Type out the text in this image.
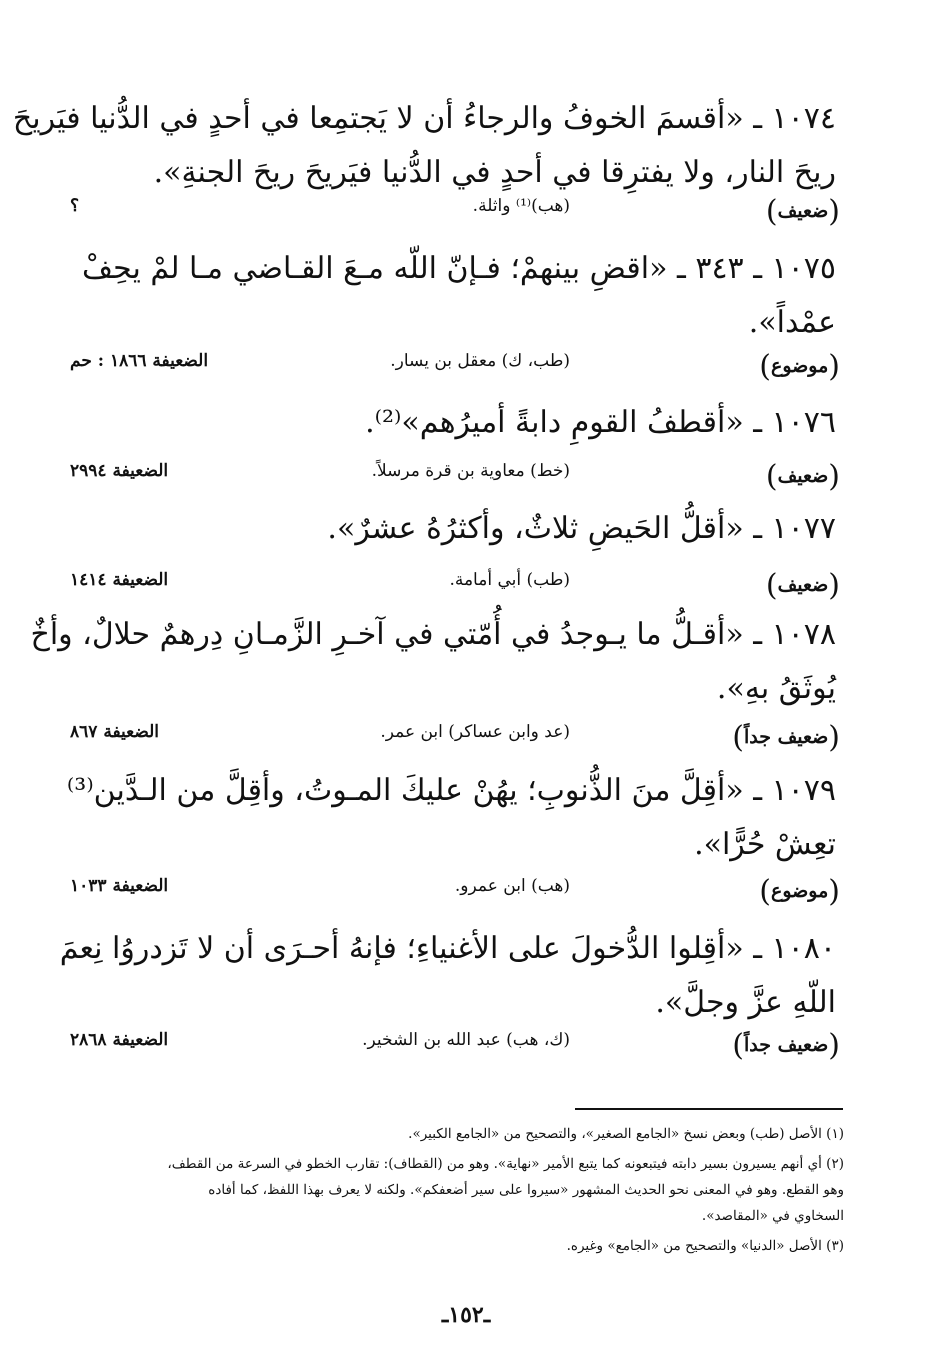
١٠٧٤ ـ «أقسمَ الخوفُ والرجاءُ أن لا يَجتمِعا في أحدٍ في الدُّنيا فيَريحَ
ريحَ النار، ولا يفترِقا في أحدٍ في الدُّنيا فيَريحَ ريحَ الجنةِ».
(ضعيف)
(هب)⁽¹⁾ واثلة.
؟
١٠٧٥ ـ ٣٤٣ ـ «اقضِ بينهمْ؛ فـإنّ اللّه مـعَ القـاضي مـا لمْ يحِفْ
عمْداً».
(موضوع)
(طب، ك) معقل بن يسار.
الضعيفة ١٨٦٦ : حم
١٠٧٦ ـ «أقطفُ القومِ دابةً أميرُهم»⁽²⁾.
(ضعيف)
(خط) معاوية بن قرة مرسلاً.
الضعيفة ٢٩٩٤
١٠٧٧ ـ «أقلُّ الحَيضِ ثلاثٌ، وأكثرُهُ عشرٌ».
(ضعيف)
(طب) أبي أمامة.
الضعيفة ١٤١٤
١٠٧٨ ـ «أقـلُّ ما يـوجدُ في أُمّتي في آخـرِ الزَّمـانِ دِرهمٌ حلالٌ، وأخٌ
يُوثَقُ بهِ».
(ضعيف جداً)
(عد وابن عساكر) ابن عمر.
الضعيفة ٨٦٧
١٠٧٩ ـ «أقِلَّ منَ الذُّنوبِ؛ يهُنْ عليكَ المـوتُ، وأقِلَّ من الـدَّين⁽³⁾
تعِشْ حُرًّا».
(موضوع)
(هب) ابن عمرو.
الضعيفة ١٠٣٣
١٠٨٠ ـ «أقِلوا الدُّخولَ على الأغنياءِ؛ فإنهُ أحـرَى أن لا تَزدروُا نِعمَ
اللّهِ عزَّ وجلَّ».
(ضعيف جداً)
(ك، هب) عبد الله بن الشخير.
الضعيفة ٢٨٦٨
(١) الأصل (طب) وبعض نسخ «الجامع الصغير»، والتصحيح من «الجامع الكبير».
(٢) أي أنهم يسيرون بسير دابته فيتبعونه كما يتبع الأمير «نهاية». وهو من (القطاف): تقارب الخطو في السرعة من القطف،
وهو القطع. وهو في المعنى نحو الحديث المشهور «سيروا على سير أضعفكم». ولكنه لا يعرف بهذا اللفظ، كما أفاده
السخاوي في «المقاصد».
(٣) الأصل «الدنيا» والتصحيح من «الجامع» وغيره.
ـ١٥٢ـ
